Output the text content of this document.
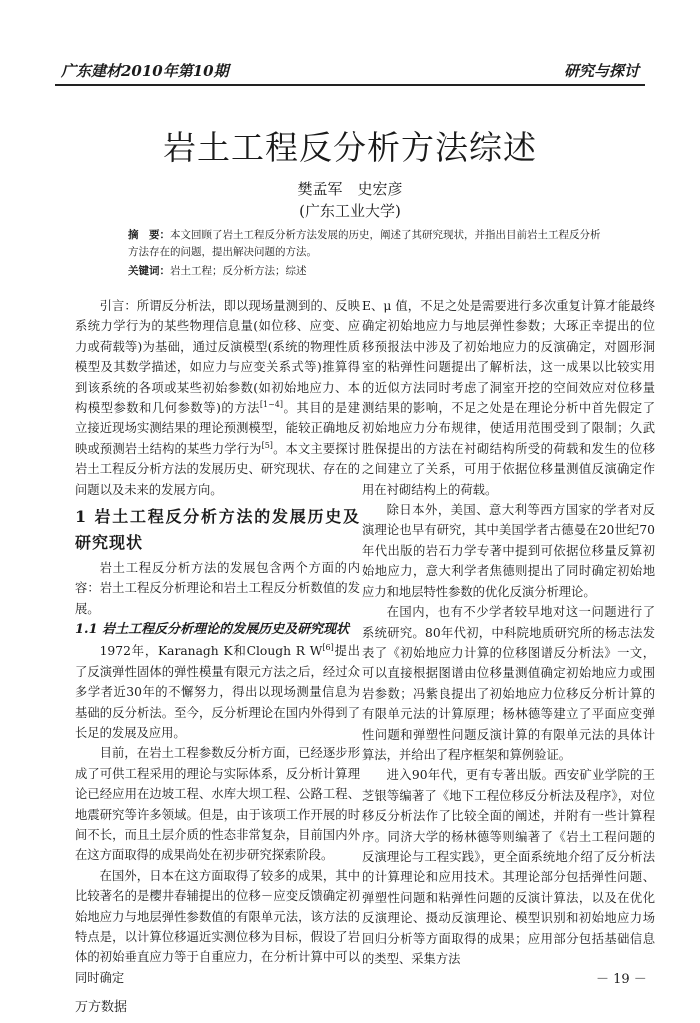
广东建材2010年第10期	研究与探讨
岩土工程反分析方法综述
樊孟军　史宏彦
(广东工业大学)
摘　要：本文回顾了岩土工程反分析方法发展的历史，阐述了其研究现状，并指出目前岩土工程反分析方法存在的问题，提出解决问题的方法。
关键词：岩土工程；反分析方法；综述

引言：所谓反分析法，即以现场量测到的、反映系统力学行为的某些物理信息量(如位移、应变、应力或荷载等)为基础，通过反演模型(系统的物理性质模型及其数学描述，如应力与应变关系式等)推算得到该系统的各项或某些初始参数(如初始地应力、本构模型参数和几何参数等)的方法[1~4]。其目的是建立接近现场实测结果的理论预测模型，能较正确地反映或预测岩土结构的某些力学行为[5]。本文主要探讨岩土工程反分析方法的发展历史、研究现状、存在的问题以及未来的发展方向。

1 岩土工程反分析方法的发展历史及研究现状

岩土工程反分析方法的发展包含两个方面的内容：岩土工程反分析理论和岩土工程反分析数值的发展。

1.1 岩土工程反分析理论的发展历史及研究现状

1972年，Karanagh K和Clough R W[6]提出了反演弹性固体的弹性模量有限元方法之后，经过众多学者近30年的不懈努力，得出以现场测量信息为基础的反分析法。至今，反分析理论在国内外得到了长足的发展及应用。

目前，在岩土工程参数反分析方面，已经逐步形成了可供工程采用的理论与实际体系，反分析计算理论已经应用在边坡工程、水库大坝工程、公路工程、地震研究等许多领域。但是，由于该项工作开展的时间不长，而且土层介质的性态非常复杂，目前国内外在这方面取得的成果尚处在初步研究探索阶段。

在国外，日本在这方面取得了较多的成果，其中比较著名的是樱井春辅提出的位移－应变反馈确定初始地应力与地层弹性参数值的有限单元法，该方法的特点是，以计算位移逼近实测位移为目标，假设了岩体的初始垂直应力等于自重应力，在分析计算中可以同时确定

E、μ 值，不足之处是需要进行多次重复计算才能最终确定初始地应力与地层弹性参数；大琢正幸提出的位移预报法中涉及了初始地应力的反演确定，对圆形洞室的粘弹性问题提出了解析法，这一成果以比较实用的近似方法同时考虑了洞室开挖的空间效应对位移量测结果的影响，不足之处是在理论分析中首先假定了初始地应力分布规律，使适用范围受到了限制；久武胜保提出的方法在衬砌结构所受的荷载和发生的位移之间建立了关系，可用于依据位移量测值反演确定作用在衬砌结构上的荷载。

除日本外，美国、意大利等西方国家的学者对反演理论也早有研究，其中美国学者古德曼在20世纪70年代出版的岩石力学专著中提到可依据位移量反算初始地应力，意大利学者焦德则提出了同时确定初始地应力和地层特性参数的优化反演分析理论。

在国内，也有不少学者较早地对这一问题进行了系统研究。80年代初，中科院地质研究所的杨志法发表了《初始地应力计算的位移图谱反分析法》一文，可以直接根据图谱由位移量测值确定初始地应力或围岩参数；冯紫良提出了初始地应力位移反分析计算的有限单元法的计算原理；杨林德等建立了平面应变弹性问题和弹塑性问题反演计算的有限单元法的具体计算法，并给出了程序框架和算例验证。

进入90年代，更有专著出版。西安矿业学院的王芝银等编著了《地下工程位移反分析法及程序》，对位移反分析法作了比较全面的阐述，并附有一些计算程序。同济大学的杨林德等则编著了《岩土工程问题的反演理论与工程实践》，更全面系统地介绍了反分析法的计算理论和应用技术。其理论部分包括弹性问题、弹塑性问题和粘弹性问题的反演计算法，以及在优化反演理论、摄动反演理论、模型识别和初始地应力场回归分析等方面取得的成果；应用部分包括基础信息的类型、采集方法

－ 19 －
万方数据
